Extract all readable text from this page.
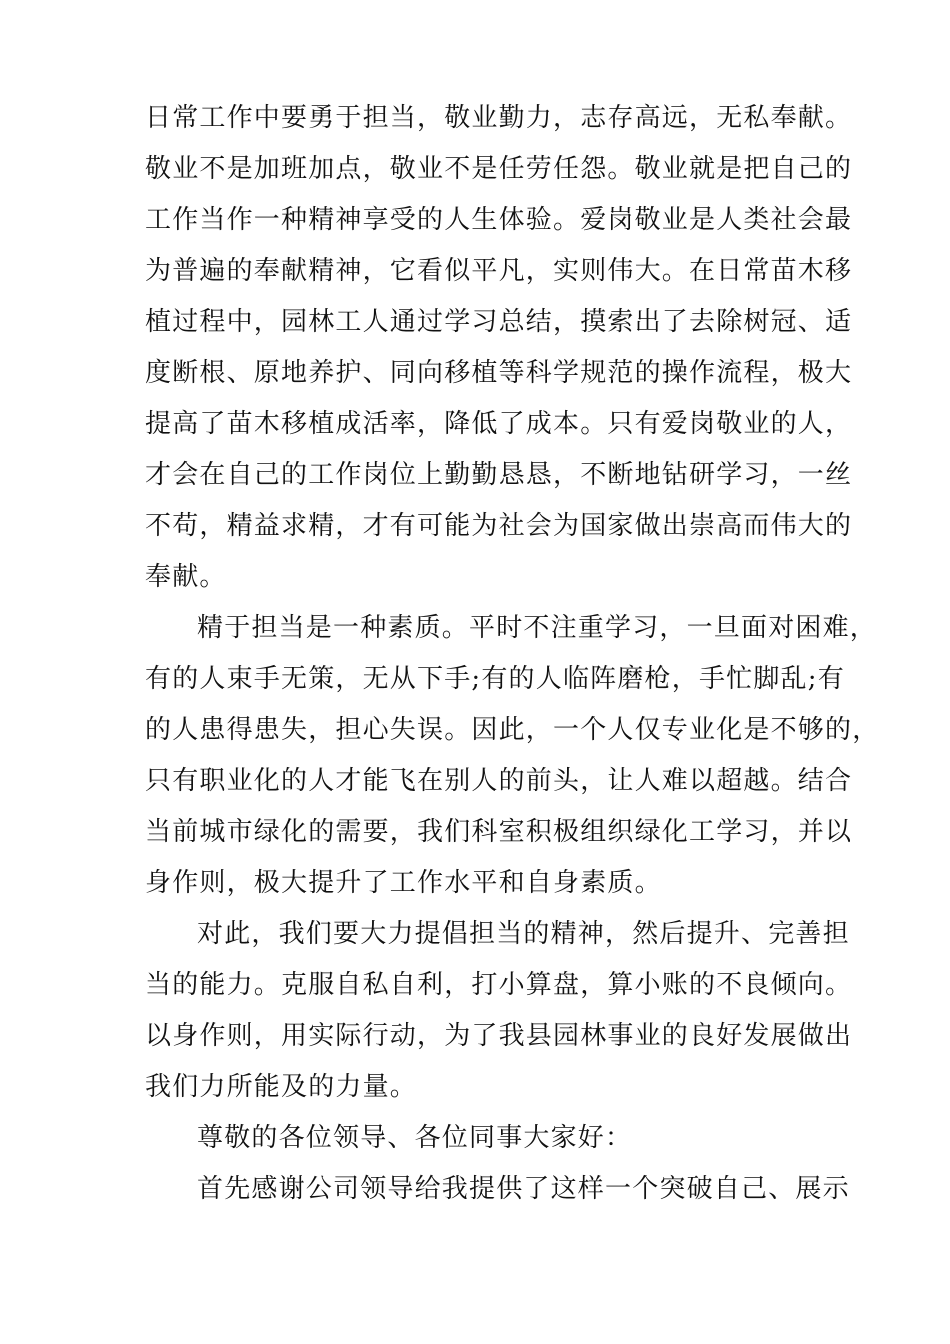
日常工作中要勇于担当，敬业勤力，志存高远，无私奉献。
敬业不是加班加点，敬业不是任劳任怨。敬业就是把自己的
工作当作一种精神享受的人生体验。爱岗敬业是人类社会最
为普遍的奉献精神，它看似平凡，实则伟大。在日常苗木移
植过程中，园林工人通过学习总结，摸索出了去除树冠、适
度断根、原地养护、同向移植等科学规范的操作流程，极大
提高了苗木移植成活率，降低了成本。只有爱岗敬业的人，
才会在自己的工作岗位上勤勤恳恳，不断地钻研学习，一丝
不苟，精益求精，才有可能为社会为国家做出崇高而伟大的
奉献。
精于担当是一种素质。平时不注重学习，一旦面对困难，
有的人束手无策，无从下手;有的人临阵磨枪，手忙脚乱;有
的人患得患失，担心失误。因此，一个人仅专业化是不够的，
只有职业化的人才能飞在别人的前头，让人难以超越。结合
当前城市绿化的需要，我们科室积极组织绿化工学习，并以
身作则，极大提升了工作水平和自身素质。
对此，我们要大力提倡担当的精神，然后提升、完善担
当的能力。克服自私自利，打小算盘，算小账的不良倾向。
以身作则，用实际行动，为了我县园林事业的良好发展做出
我们力所能及的力量。
尊敬的各位领导、各位同事大家好：
首先感谢公司领导给我提供了这样一个突破自己、展示
